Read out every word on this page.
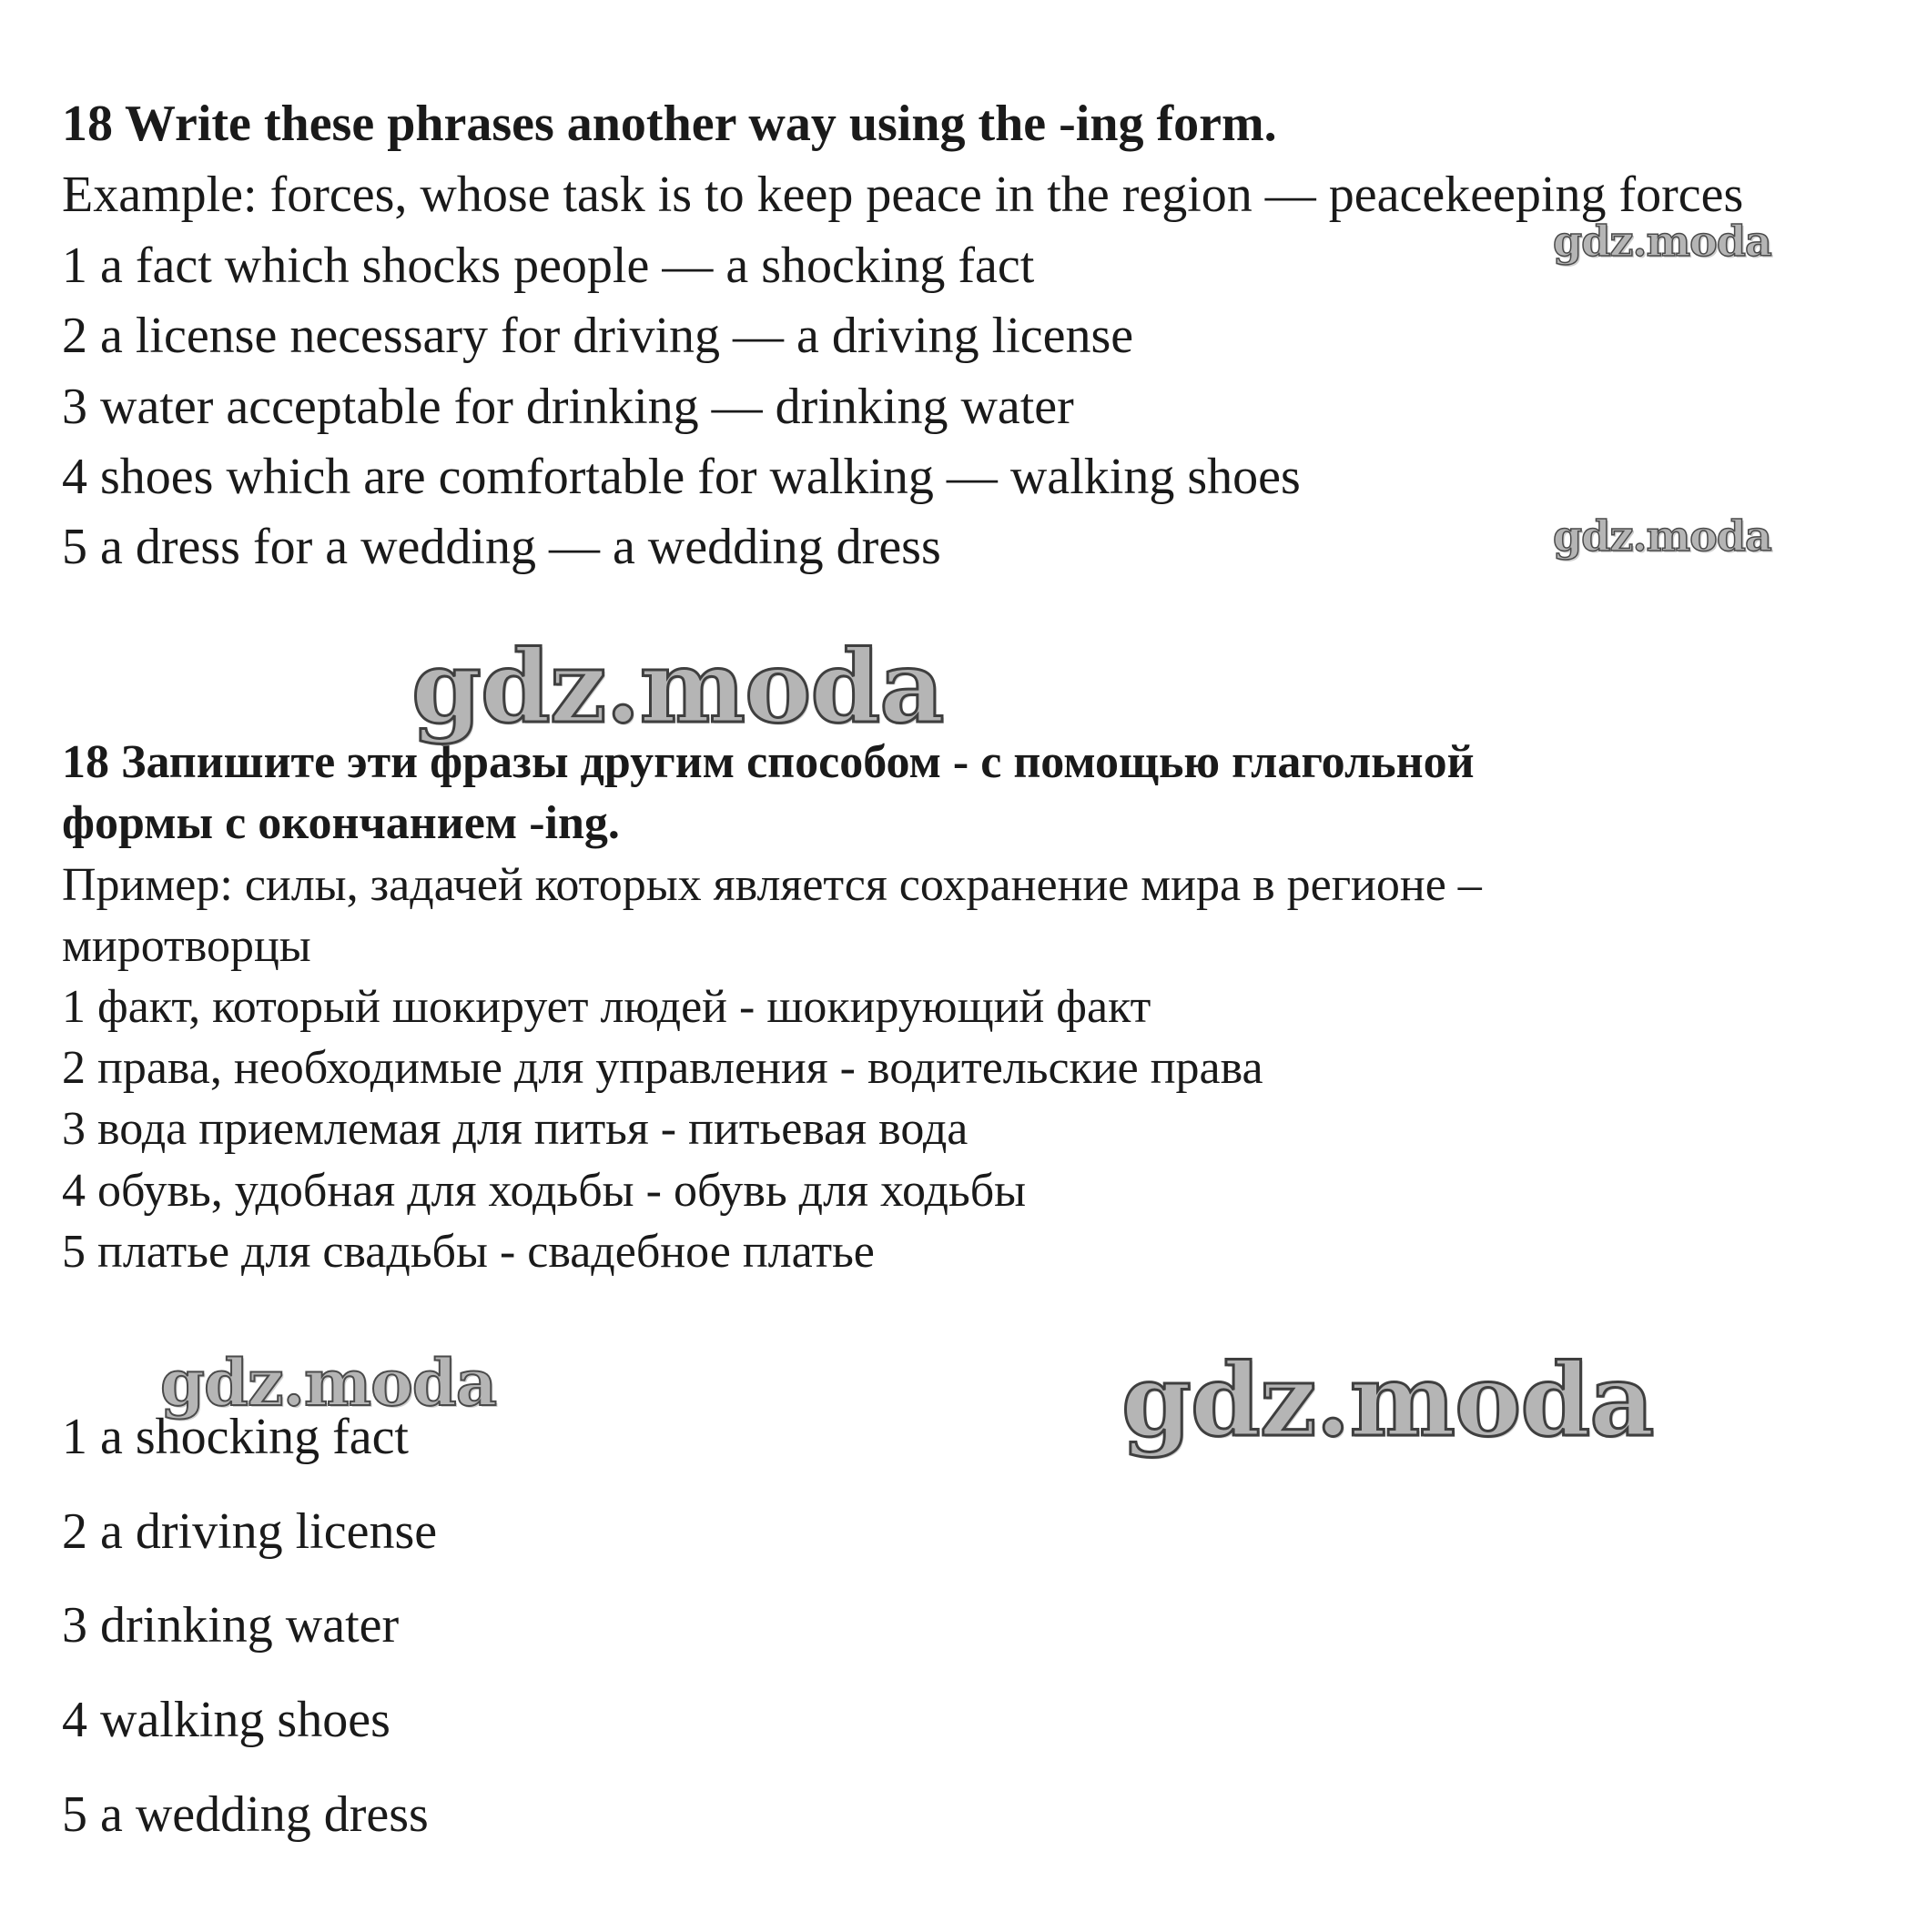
18 Write these phrases another way using the -ing form.

Example: forces, whose task is to keep peace in the region — peacekeeping forces

1 a fact which shocks people — a shocking fact

2 a license necessary for driving — a driving license

3 water acceptable for drinking — drinking water

4 shoes which are comfortable for walking — walking shoes

5 a dress for a wedding — a wedding dress

18 Запишите эти фразы другим способом - с помощью глагольной

формы с окончанием -ing.

Пример: силы, задачей которых является сохранение мира в регионе –

миротворцы

1 факт, который шокирует людей - шокирующий факт

2 права, необходимые для управления - водительские права

3 вода приемлемая для питья - питьевая вода

4 обувь, удобная для ходьбы - обувь для ходьбы

5 платье для свадьбы - свадебное платье

1 a shocking fact

2 a driving license

3 drinking water

4 walking shoes

5 a wedding dress

gdz.moda

gdz.moda

gdz.moda

gdz.moda	gdz.moda
